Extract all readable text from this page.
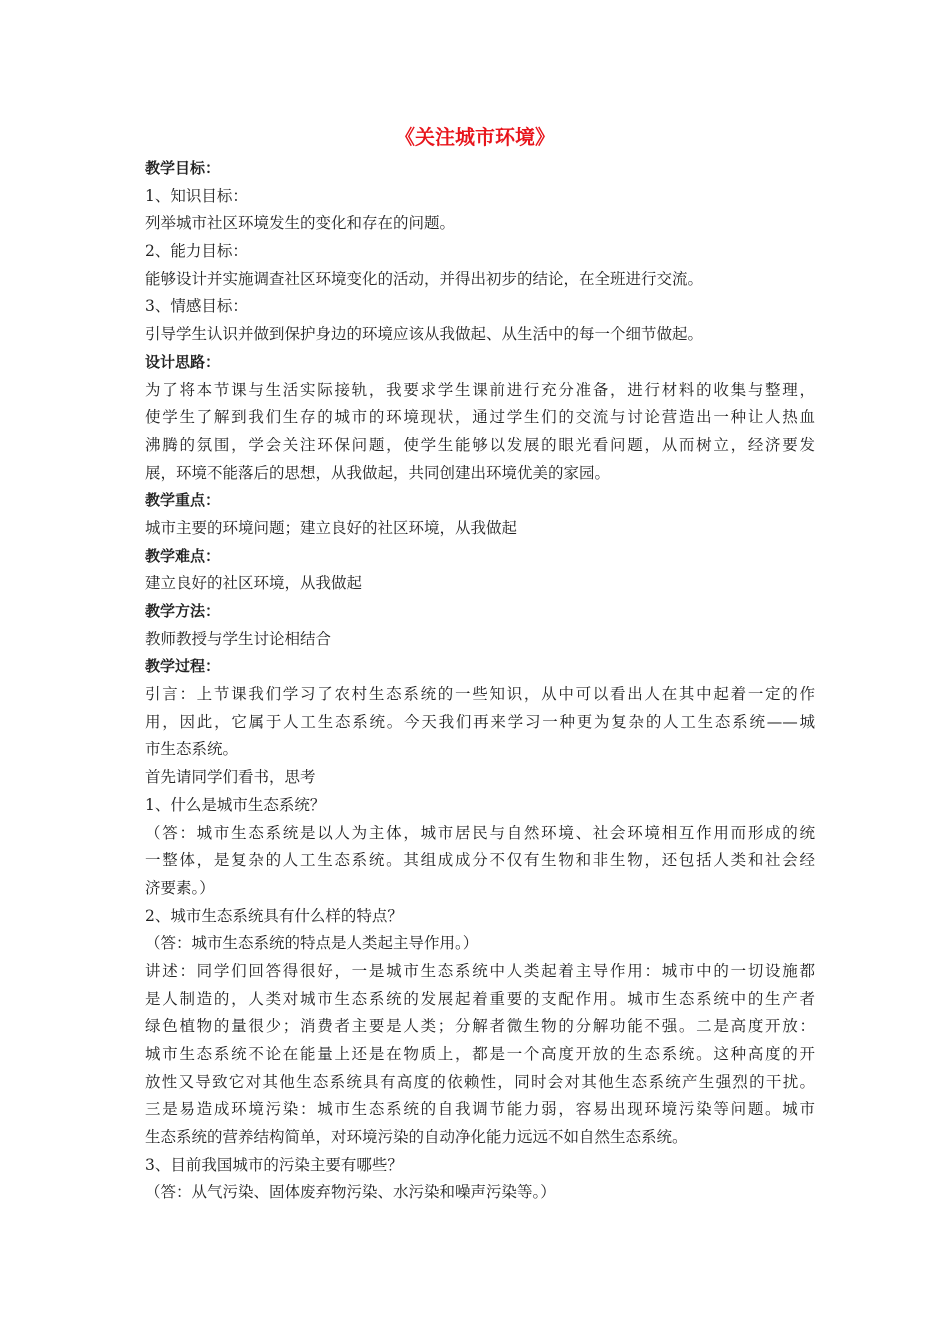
《关注城市环境》
教学目标：
1、知识目标：
列举城市社区环境发生的变化和存在的问题。
2、能力目标：
能够设计并实施调查社区环境变化的活动，并得出初步的结论，在全班进行交流。
3、情感目标：
引导学生认识并做到保护身边的环境应该从我做起、从生活中的每一个细节做起。
设计思路：
为了将本节课与生活实际接轨，我要求学生课前进行充分准备，进行材料的收集与整理，
使学生了解到我们生存的城市的环境现状，通过学生们的交流与讨论营造出一种让人热血
沸腾的氛围，学会关注环保问题，使学生能够以发展的眼光看问题，从而树立，经济要发
展，环境不能落后的思想，从我做起，共同创建出环境优美的家园。
教学重点：
城市主要的环境问题；建立良好的社区环境，从我做起
教学难点：
建立良好的社区环境，从我做起
教学方法：
教师教授与学生讨论相结合
教学过程：
引言：上节课我们学习了农村生态系统的一些知识，从中可以看出人在其中起着一定的作
用，因此，它属于人工生态系统。今天我们再来学习一种更为复杂的人工生态系统——城
市生态系统。
首先请同学们看书，思考
1、什么是城市生态系统？
（答：城市生态系统是以人为主体，城市居民与自然环境、社会环境相互作用而形成的统
一整体，是复杂的人工生态系统。其组成成分不仅有生物和非生物，还包括人类和社会经
济要素。）
2、城市生态系统具有什么样的特点？
（答：城市生态系统的特点是人类起主导作用。）
讲述：同学们回答得很好，一是城市生态系统中人类起着主导作用：城市中的一切设施都
是人制造的，人类对城市生态系统的发展起着重要的支配作用。城市生态系统中的生产者
绿色植物的量很少；消费者主要是人类；分解者微生物的分解功能不强。二是高度开放：
城市生态系统不论在能量上还是在物质上，都是一个高度开放的生态系统。这种高度的开
放性又导致它对其他生态系统具有高度的依赖性，同时会对其他生态系统产生强烈的干扰。
三是易造成环境污染：城市生态系统的自我调节能力弱，容易出现环境污染等问题。城市
生态系统的营养结构简单，对环境污染的自动净化能力远远不如自然生态系统。
3、目前我国城市的污染主要有哪些？
（答：从气污染、固体废弃物污染、水污染和噪声污染等。）
